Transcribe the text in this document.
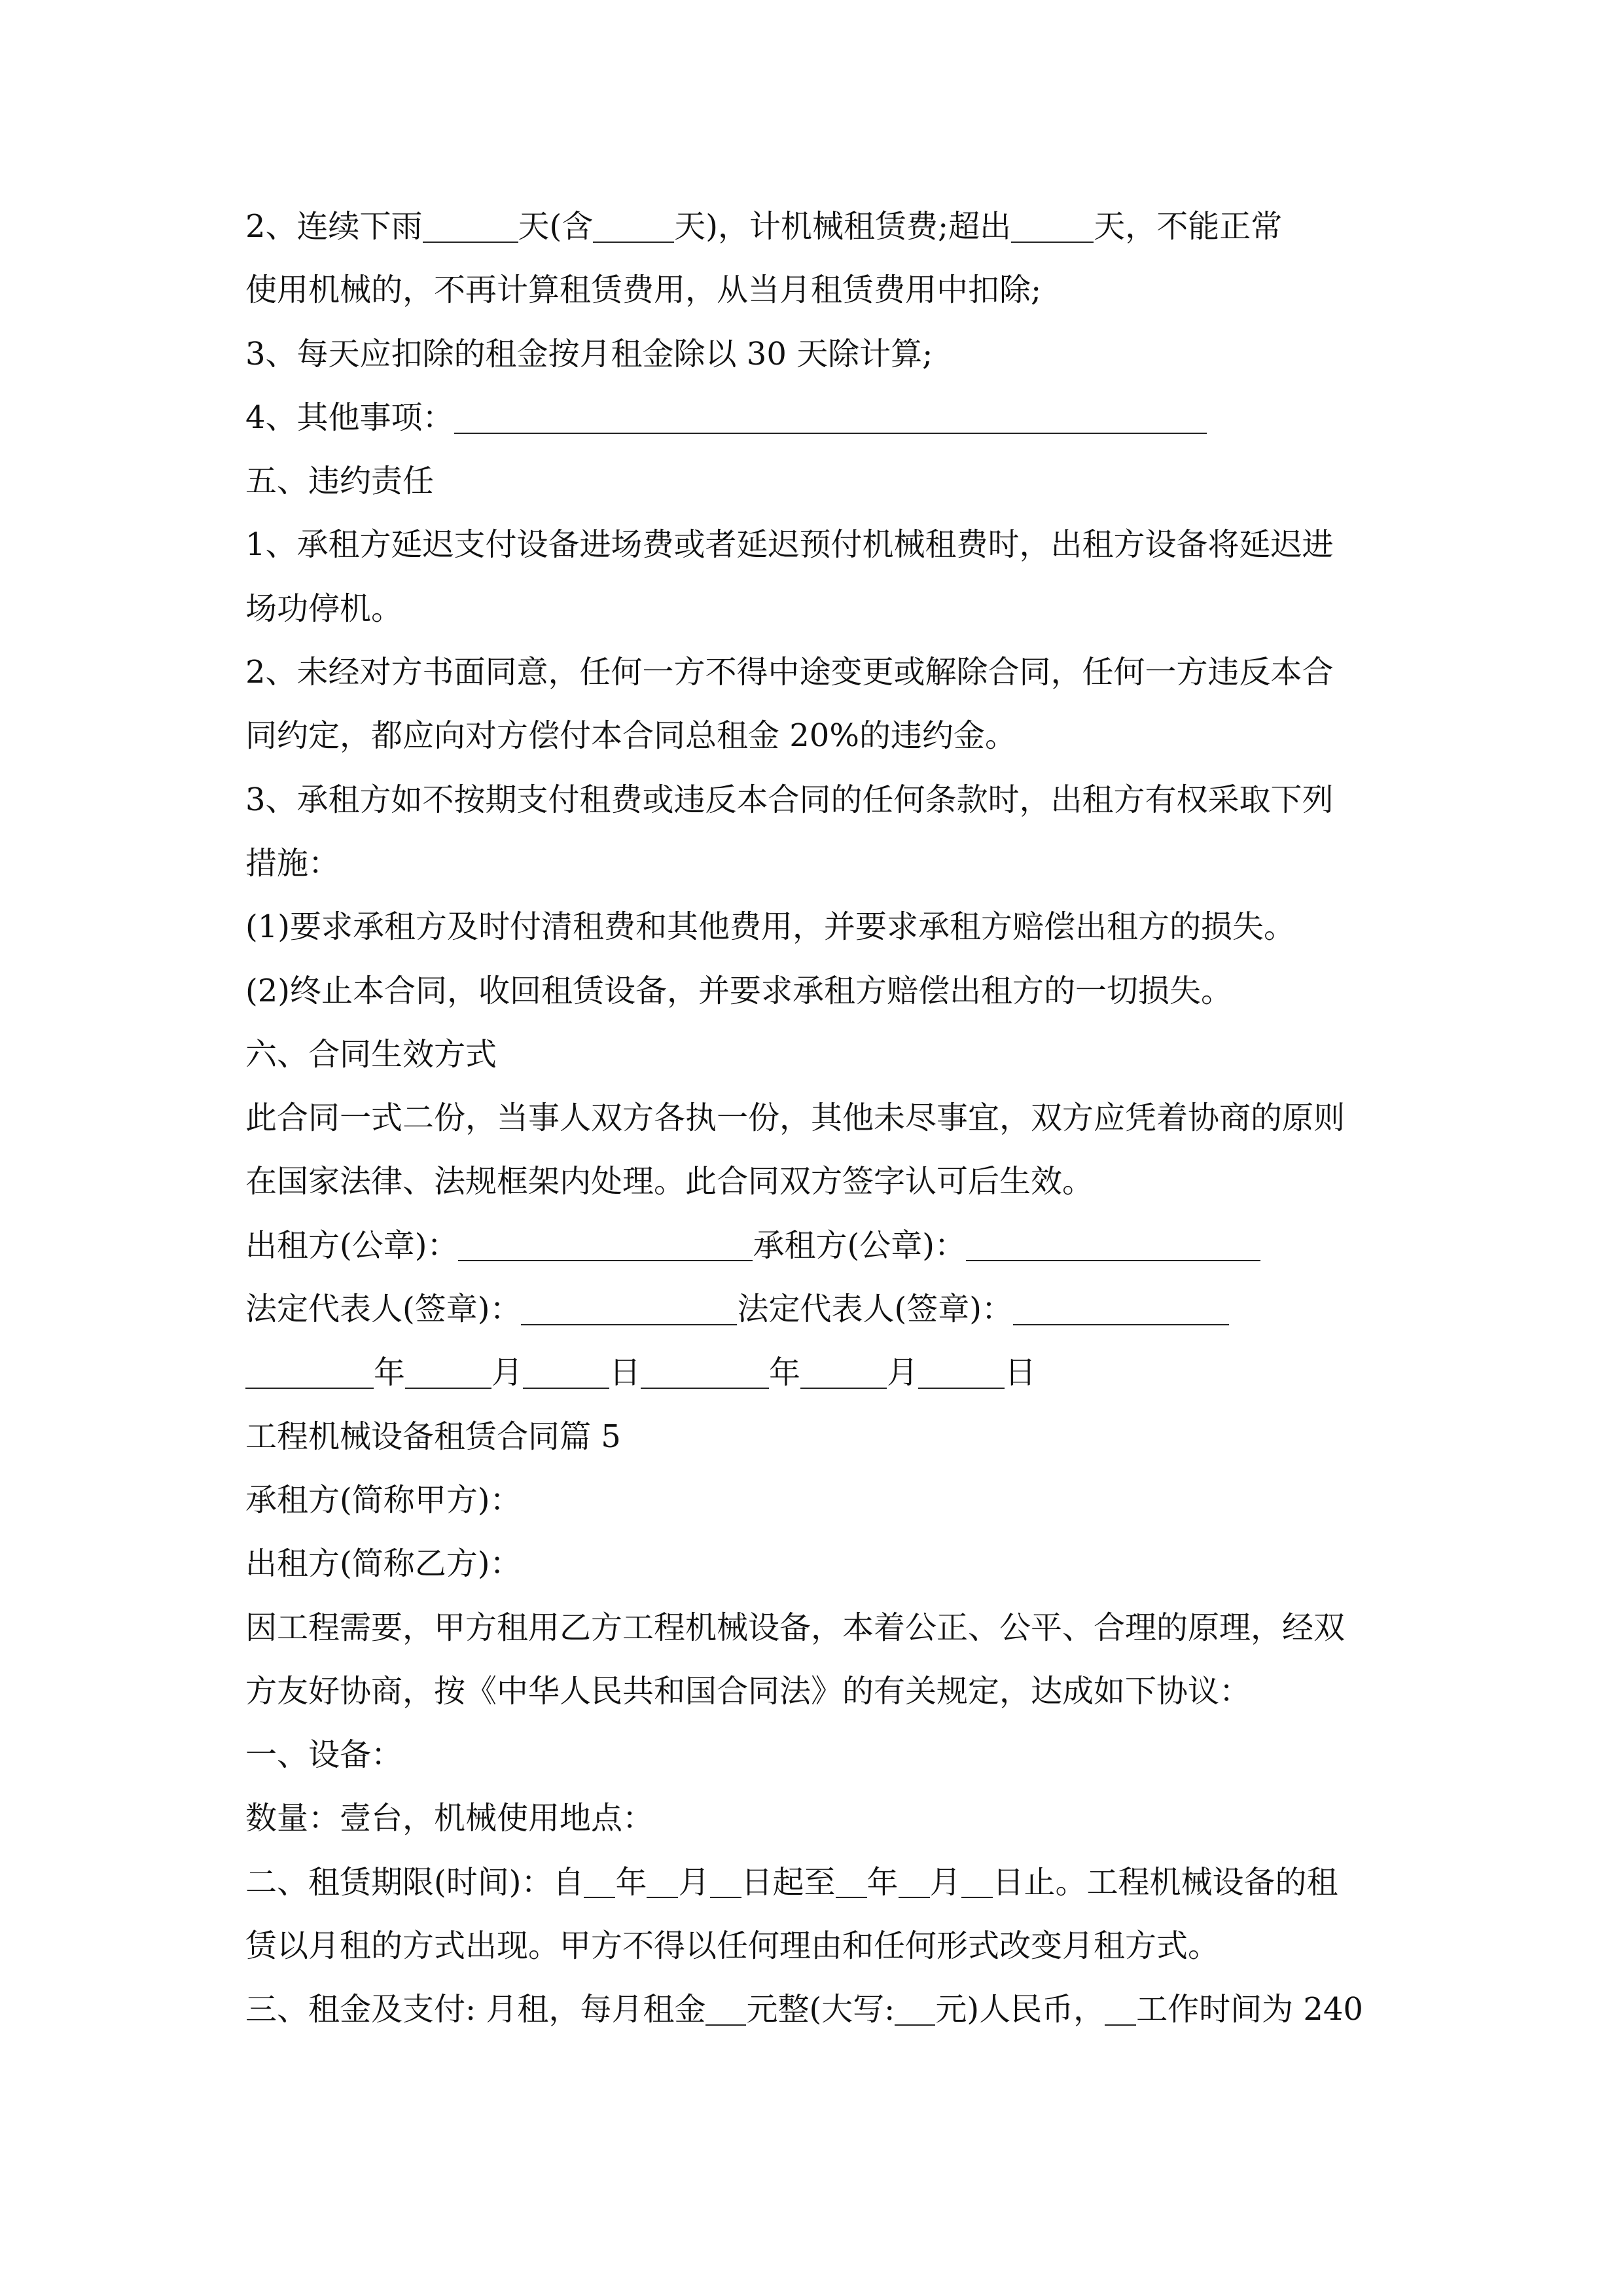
2、连续下雨	天(含	天)，计机械租赁费;超出	天，不能正常
使用机械的，不再计算租赁费用，从当月租赁费用中扣除;
3、每天应扣除的租金按月租金除以 30 天除计算;
4、其他事项：
五、违约责任
1、承租方延迟支付设备进场费或者延迟预付机械租费时，出租方设备将延迟进
场功停机。
2、未经对方书面同意，任何一方不得中途变更或解除合同，任何一方违反本合
同约定，都应向对方偿付本合同总租金 20%的违约金。
3、承租方如不按期支付租费或违反本合同的任何条款时，出租方有权采取下列
措施：
(1)要求承租方及时付清租费和其他费用，并要求承租方赔偿出租方的损失。
(2)终止本合同，收回租赁设备，并要求承租方赔偿出租方的一切损失。
六、合同生效方式
此合同一式二份，当事人双方各执一份，其他未尽事宜，双方应凭着协商的原则
在国家法律、法规框架内处理。此合同双方签字认可后生效。
出租方(公章)：	承租方(公章)：
法定代表人(签章)：	法定代表人(签章)：
年	月	日	年	月	日
工程机械设备租赁合同篇 5
承租方(简称甲方)：
出租方(简称乙方)：
因工程需要，甲方租用乙方工程机械设备，本着公正、公平、合理的原理，经双
方友好协商，按《中华人民共和国合同法》的有关规定，达成如下协议：
一、设备：
数量：壹台，机械使用地点：
二、租赁期限(时间)：自 年 月 日起至 年 月 日止。工程机械设备的租
赁以月租的方式出现。甲方不得以任何理由和任何形式改变月租方式。
三、租金及支付: 月租，每月租金 元整(大写: 元)人民币， 工作时间为 240
